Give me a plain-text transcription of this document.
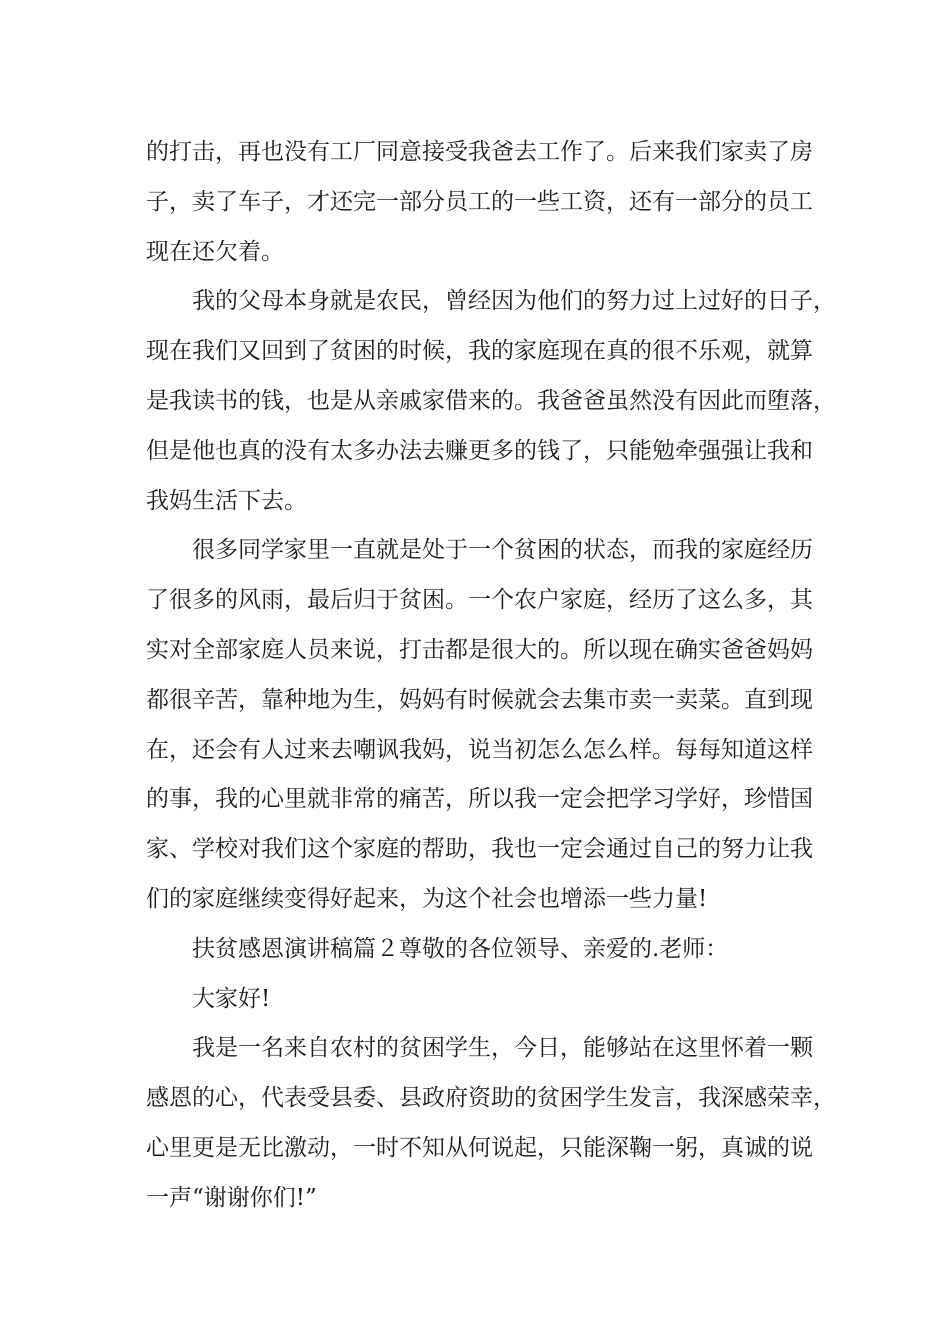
的打击，再也没有工厂同意接受我爸去工作了。后来我们家卖了房
子，卖了车子，才还完一部分员工的一些工资，还有一部分的员工
现在还欠着。
我的父母本身就是农民，曾经因为他们的努力过上过好的日子，
现在我们又回到了贫困的时候，我的家庭现在真的很不乐观，就算
是我读书的钱，也是从亲戚家借来的。我爸爸虽然没有因此而堕落，
但是他也真的没有太多办法去赚更多的钱了，只能勉牵强强让我和
我妈生活下去。
很多同学家里一直就是处于一个贫困的状态，而我的家庭经历
了很多的风雨，最后归于贫困。一个农户家庭，经历了这么多，其
实对全部家庭人员来说，打击都是很大的。所以现在确实爸爸妈妈
都很辛苦，靠种地为生，妈妈有时候就会去集市卖一卖菜。直到现
在，还会有人过来去嘲讽我妈，说当初怎么怎么样。每每知道这样
的事，我的心里就非常的痛苦，所以我一定会把学习学好，珍惜国
家、学校对我们这个家庭的帮助，我也一定会通过自己的努力让我
们的家庭继续变得好起来，为这个社会也增添一些力量!
扶贫感恩演讲稿篇２尊敬的各位领导、亲爱的.老师：
大家好!
我是一名来自农村的贫困学生，今日，能够站在这里怀着一颗
感恩的心，代表受县委、县政府资助的贫困学生发言，我深感荣幸，
心里更是无比激动，一时不知从何说起，只能深鞠一躬，真诚的说
一声“谢谢你们!”
